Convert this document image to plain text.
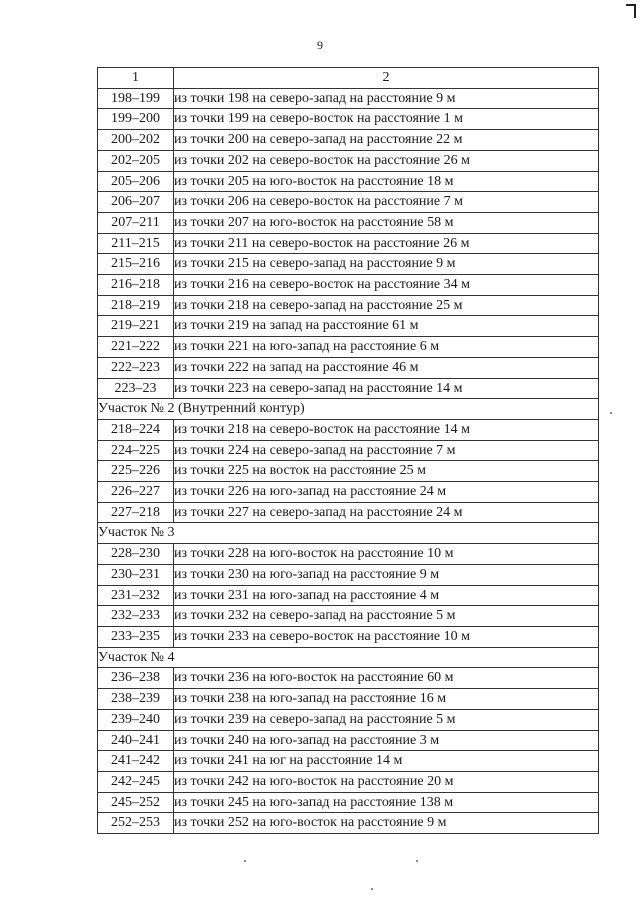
9
1	2
198–199	из точки 198 на северо-запад на расстояние 9 м
199–200	из точки 199 на северо-восток на расстояние 1 м
200–202	из точки 200 на северо-запад на расстояние 22 м
202–205	из точки 202 на северо-восток на расстояние 26 м
205–206	из точки 205 на юго-восток на расстояние 18 м
206–207	из точки 206 на северо-восток на расстояние 7 м
207–211	из точки 207 на юго-восток на расстояние 58 м
211–215	из точки 211 на северо-восток на расстояние 26 м
215–216	из точки 215 на северо-запад на расстояние 9 м
216–218	из точки 216 на северо-восток на расстояние 34 м
218–219	из точки 218 на северо-запад на расстояние 25 м
219–221	из точки 219 на запад на расстояние 61 м
221–222	из точки 221 на юго-запад на расстояние 6 м
222–223	из точки 222 на запад на расстояние 46 м
223–23	из точки 223 на северо-запад на расстояние 14 м
Участок № 2 (Внутренний контур)	
218–224	из точки 218 на северо-восток на расстояние 14 м
224–225	из точки 224 на северо-запад на расстояние 7 м
225–226	из точки 225 на восток на расстояние 25 м
226–227	из точки 226 на юго-запад на расстояние 24 м
227–218	из точки 227 на северо-запад на расстояние 24 м
Участок № 3	
228–230	из точки 228 на юго-восток на расстояние 10 м
230–231	из точки 230 на юго-запад на расстояние 9 м
231–232	из точки 231 на юго-запад на расстояние 4 м
232–233	из точки 232 на северо-запад на расстояние 5 м
233–235	из точки 233 на северо-восток на расстояние 10 м
Участок № 4	
236–238	из точки 236 на юго-восток на расстояние 60 м
238–239	из точки 238 на юго-запад на расстояние 16 м
239–240	из точки 239 на северо-запад на расстояние 5 м
240–241	из точки 240 на юго-запад на расстояние 3 м
241–242	из точки 241 на юг на расстояние 14 м
242–245	из точки 242 на юго-восток на расстояние 20 м
245–252	из точки 245 на юго-запад на расстояние 138 м
252–253	из точки 252 на юго-восток на расстояние 9 м
